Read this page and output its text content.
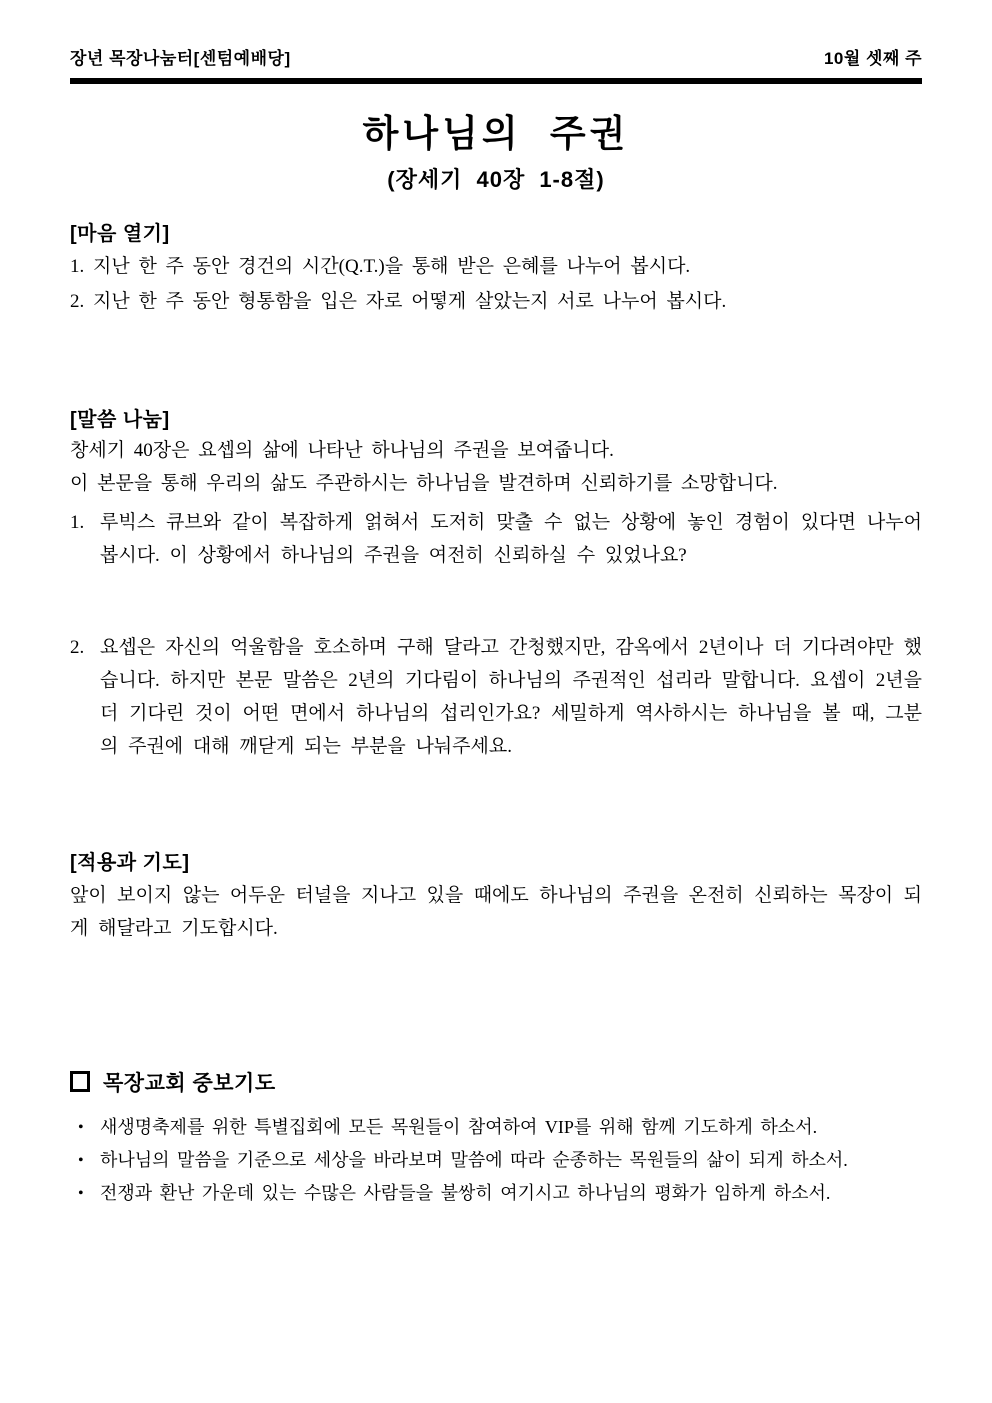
장년 목장나눔터[센텀예배당]	10월 셋째 주
하나님의 주권
(장세기 40장 1-8절)
[마음 열기]
1. 지난 한 주 동안 경건의 시간(Q.T.)을 통해 받은 은혜를 나누어 봅시다.
2. 지난 한 주 동안 형통함을 입은 자로 어떻게 살았는지 서로 나누어 봅시다.
[말씀 나눔]
창세기 40장은 요셉의 삶에 나타난 하나님의 주권을 보여줍니다.
이 본문을 통해 우리의 삶도 주관하시는 하나님을 발견하며 신뢰하기를 소망합니다.
1. 루빅스 큐브와 같이 복잡하게 얽혀서 도저히 맞출 수 없는 상황에 놓인 경험이 있다면 나누어 봅시다. 이 상황에서 하나님의 주권을 여전히 신뢰하실 수 있었나요?
2. 요셉은 자신의 억울함을 호소하며 구해 달라고 간청했지만, 감옥에서 2년이나 더 기다려야만 했습니다. 하지만 본문 말씀은 2년의 기다림이 하나님의 주권적인 섭리라 말합니다. 요셉이 2년을 더 기다린 것이 어떤 면에서 하나님의 섭리인가요? 세밀하게 역사하시는 하나님을 볼 때, 그분의 주권에 대해 깨닫게 되는 부분을 나눠주세요.
[적용과 기도]
앞이 보이지 않는 어두운 터널을 지나고 있을 때에도 하나님의 주권을 온전히 신뢰하는 목장이 되게 해달라고 기도합시다.
목장교회 중보기도
• 새생명축제를 위한 특별집회에 모든 목원들이 참여하여 VIP를 위해 함께 기도하게 하소서.
• 하나님의 말씀을 기준으로 세상을 바라보며 말씀에 따라 순종하는 목원들의 삶이 되게 하소서.
• 전쟁과 환난 가운데 있는 수많은 사람들을 불쌍히 여기시고 하나님의 평화가 임하게 하소서.
